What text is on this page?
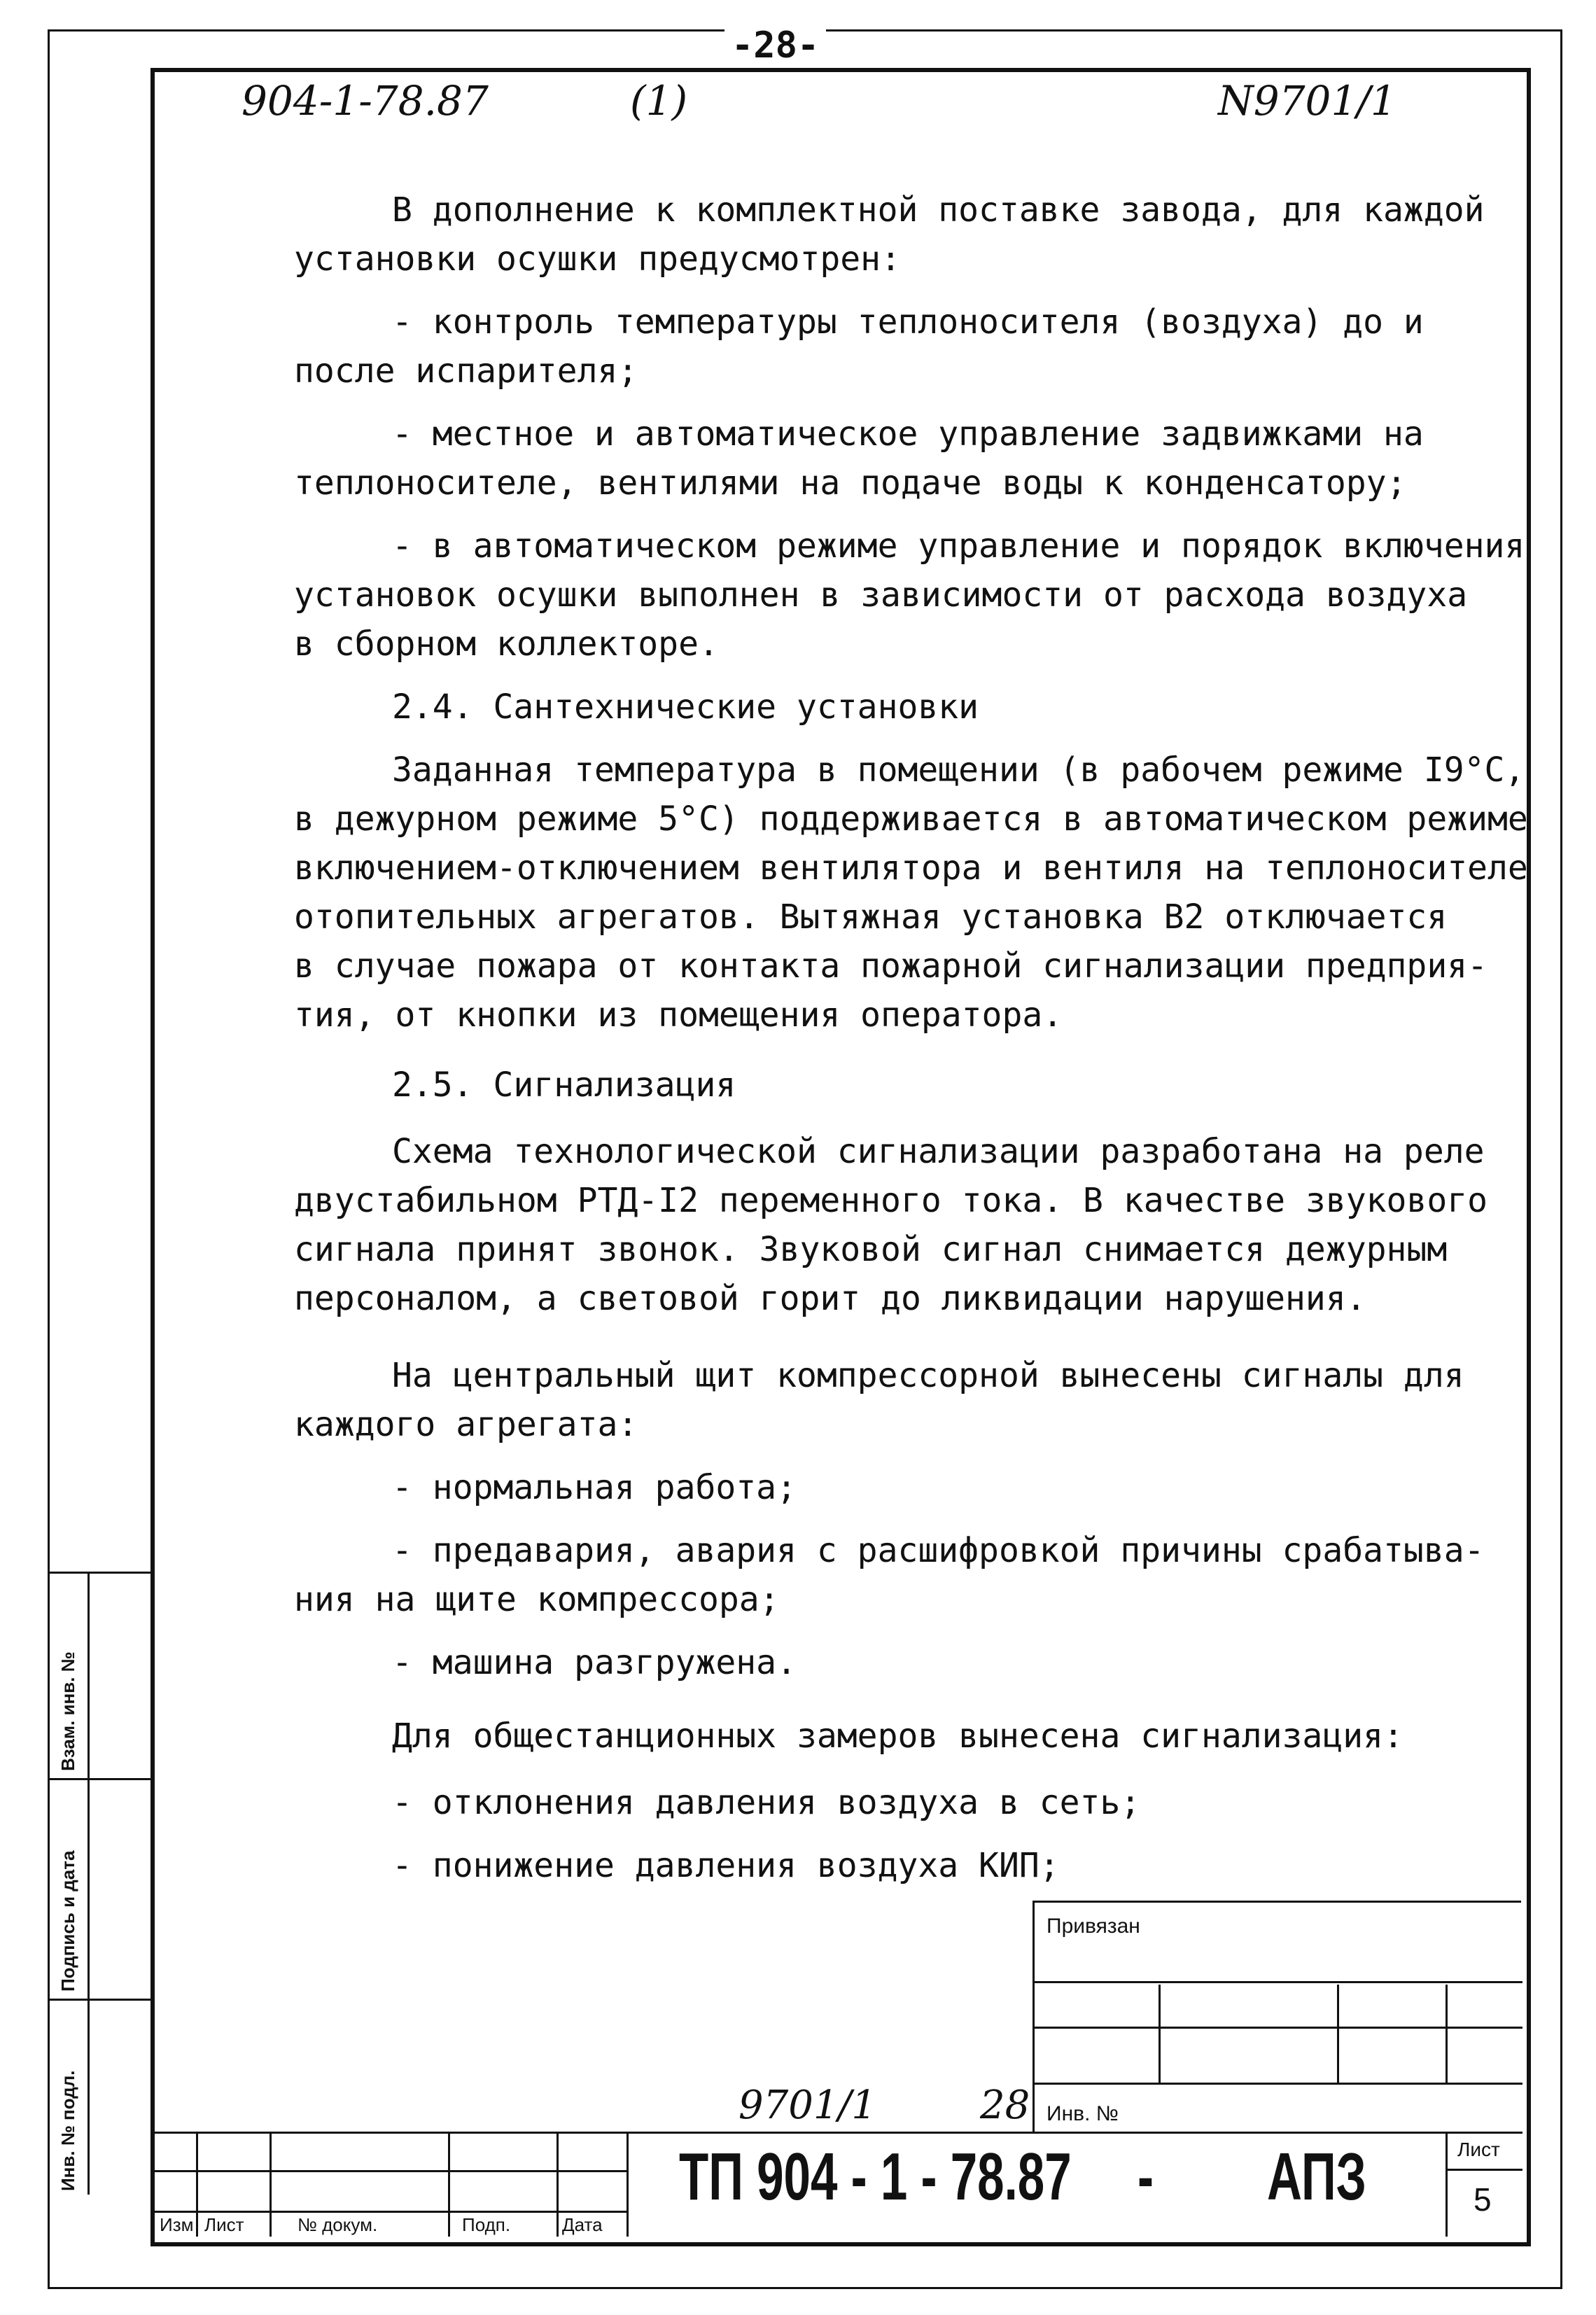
-28-
904-1-78.87	(1)	N9701/1
В дополнение к комплектной поставке завода, для каждой
установки осушки предусмотрен:
- контроль температуры теплоносителя (воздуха) до и
после испарителя;
- местное и автоматическое управление задвижками на
теплоносителе, вентилями на подаче воды к конденсатору;
- в автоматическом режиме управление и порядок включения
установок осушки выполнен в зависимости от расхода воздуха
в сборном коллекторе.
2.4. Сантехнические установки
Заданная температура в помещении (в рабочем режиме I9°C,
в дежурном режиме 5°C) поддерживается в автоматическом режиме
включением-отключением вентилятора и вентиля на теплоносителе
отопительных агрегатов. Вытяжная установка В2 отключается
в случае пожара от контакта пожарной сигнализации предприя-
тия, от кнопки из помещения оператора.
2.5. Сигнализация
Схема технологической сигнализации разработана на реле
двустабильном РТД-I2 переменного тока. В качестве звукового
сигнала принят звонок. Звуковой сигнал снимается дежурным
персоналом, а световой горит до ликвидации нарушения.
На центральный щит компрессорной вынесены сигналы для
каждого агрегата:
- нормальная работа;
- предавария, авария с расшифровкой причины срабатыва-
ния на щите компрессора;
- машина разгружена.
Для общестанционных замеров вынесена сигнализация:
- отклонения давления воздуха в сеть;
- понижение давления воздуха КИП;
Инв. № подл.
Подпись и дата
Взам. инв. №
Привязан
Инв. №
9701/1	28
Изм Лист	№ докум.	Подп.	Дата
ТП 904 - 1 - 78.87 - АПЗ	Лист
5
